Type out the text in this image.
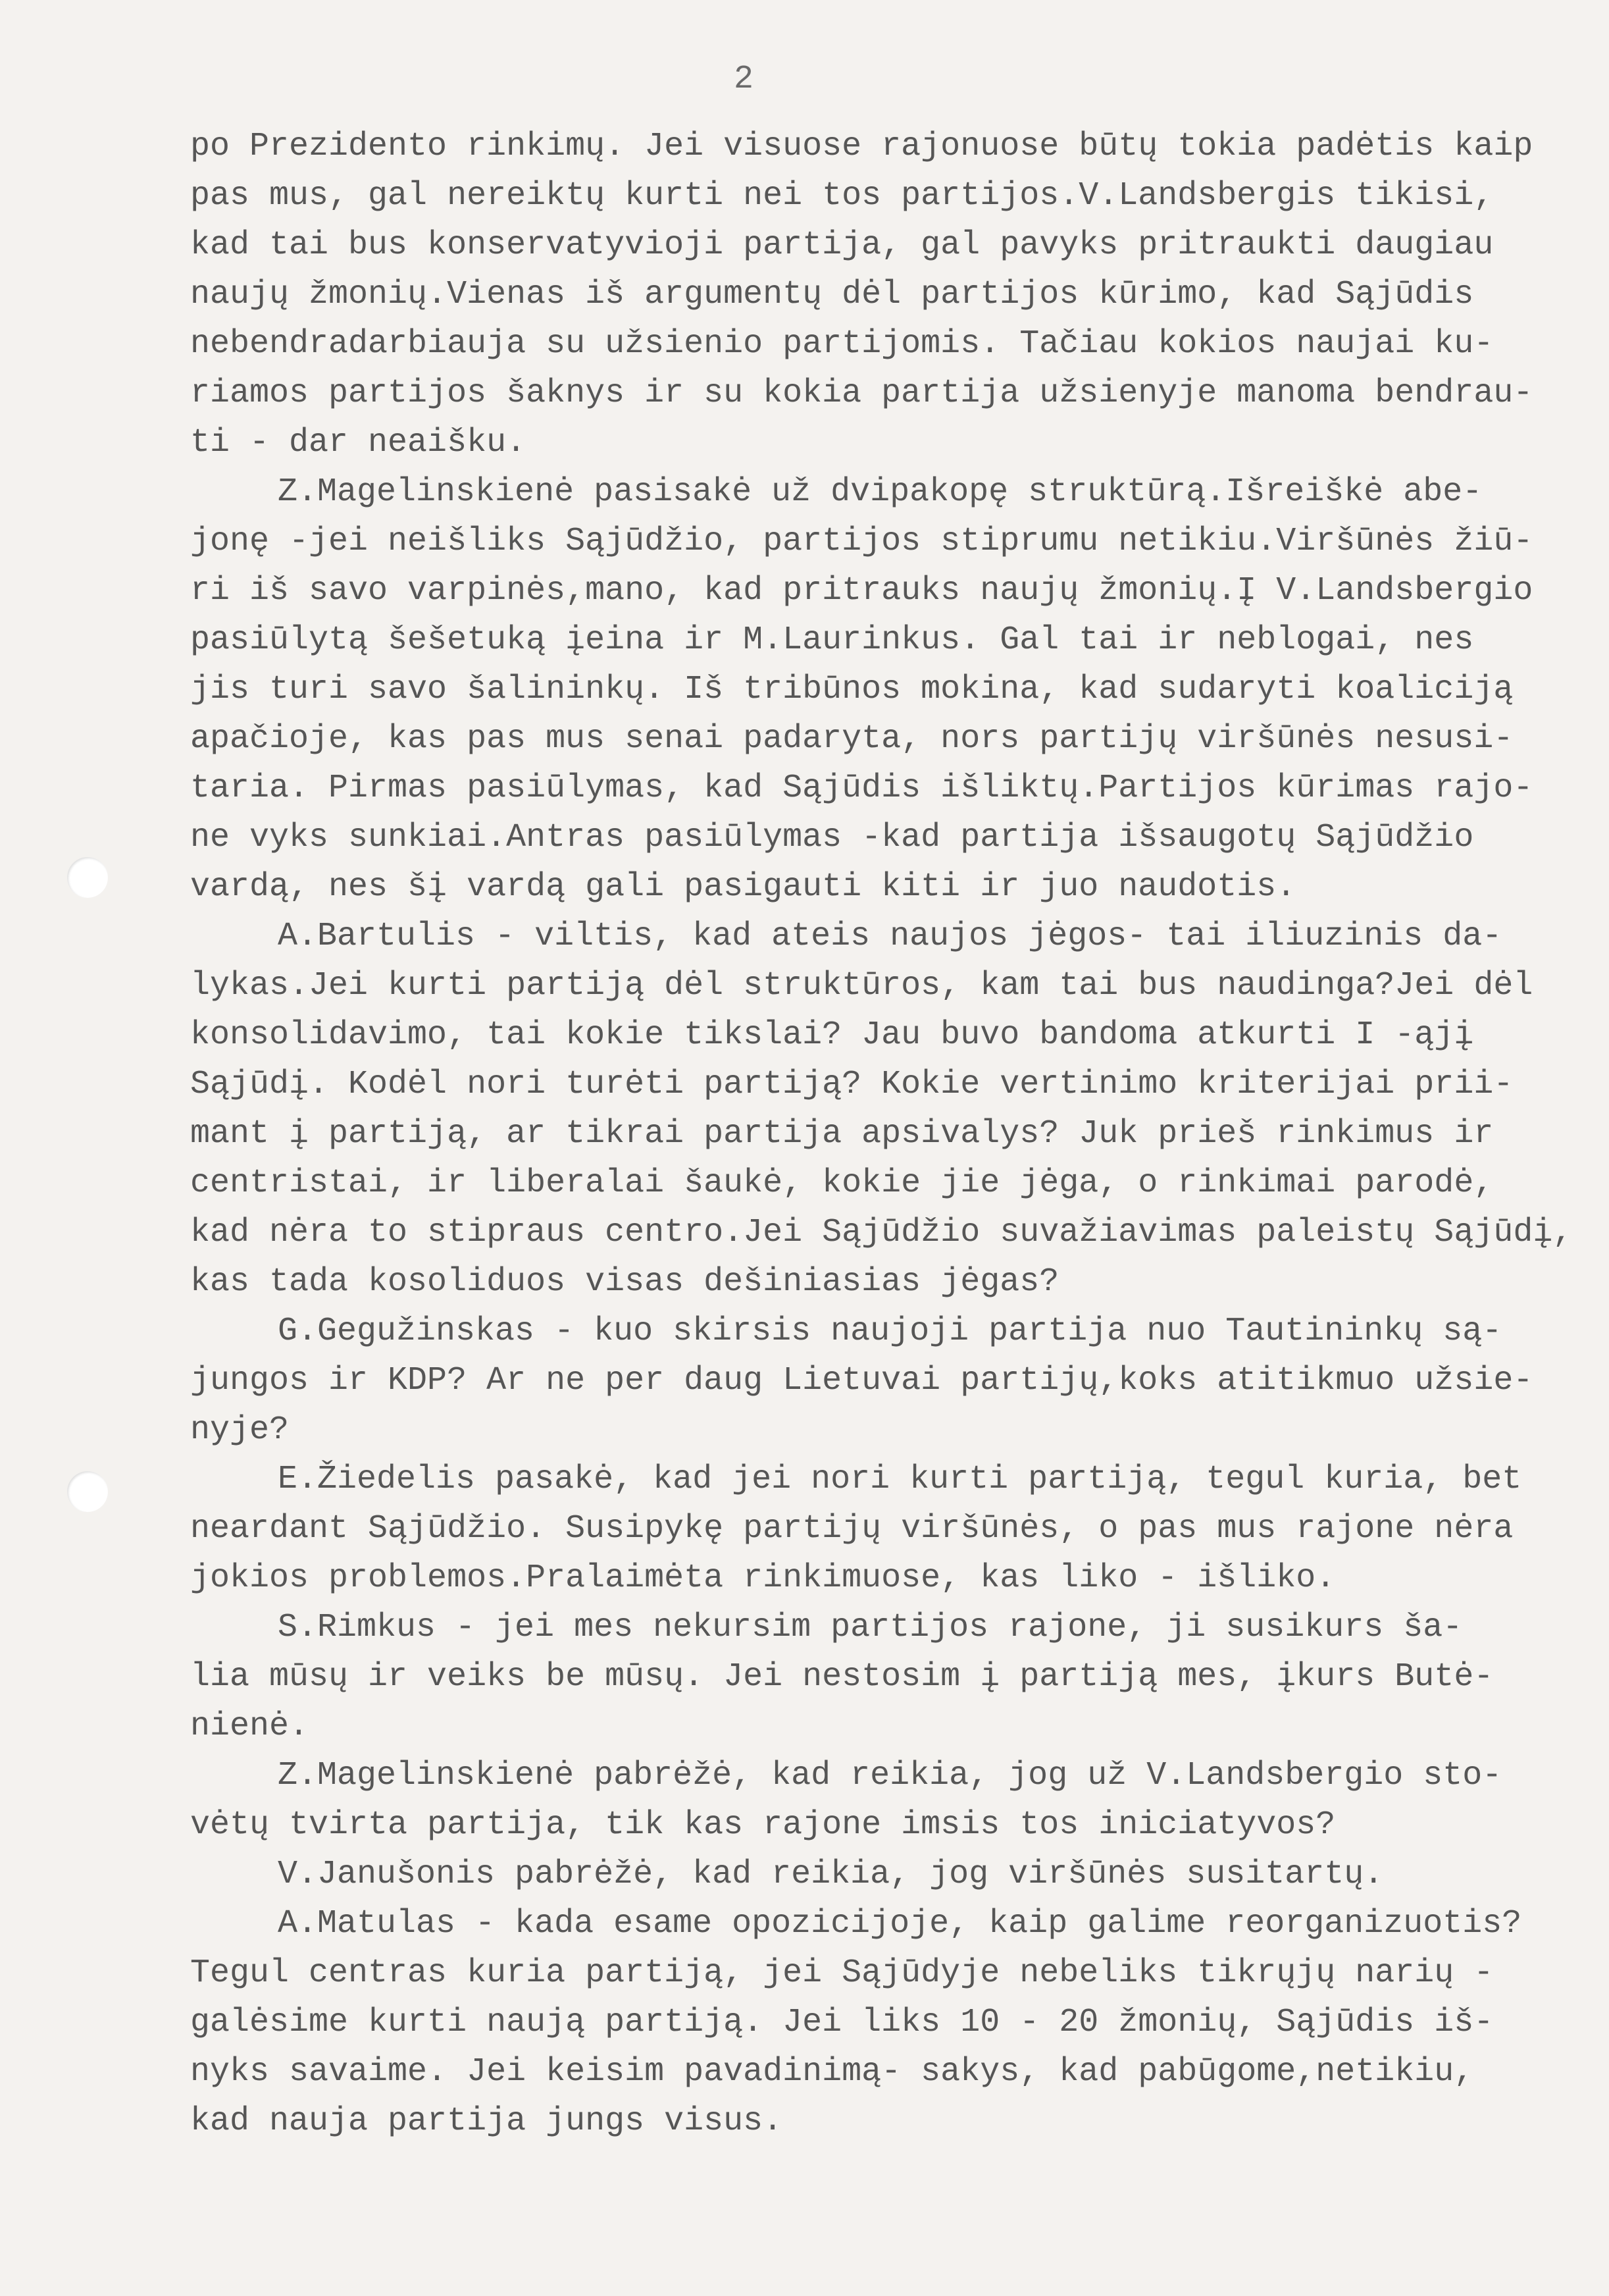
2
po Prezidento rinkimų. Jei visuose rajonuose būtų tokia padėtis kaip
pas mus, gal nereiktų kurti nei tos partijos.V.Landsbergis tikisi,
kad tai bus konservatyvioji partija, gal pavyks pritraukti daugiau
naujų žmonių.Vienas iš argumentų dėl partijos kūrimo, kad Sąjūdis
nebendradarbiauja su užsienio partijomis. Tačiau kokios naujai ku-
riamos partijos šaknys ir su kokia partija užsienyje manoma bendrau-
ti - dar neaišku.
Z.Magelinskienė pasisakė už dvipakopę struktūrą.Išreiškė abe-
jonę -jei neišliks Sąjūdžio, partijos stiprumu netikiu.Viršūnės žiū-
ri iš savo varpinės,mano, kad pritrauks naujų žmonių.Į V.Landsbergio
pasiūlytą šešetuką įeina ir M.Laurinkus. Gal tai ir neblogai, nes
jis turi savo šalininkų. Iš tribūnos mokina, kad sudaryti koaliciją
apačioje, kas pas mus senai padaryta, nors partijų viršūnės nesusi-
taria. Pirmas pasiūlymas, kad Sąjūdis išliktų.Partijos kūrimas rajo-
ne vyks sunkiai.Antras pasiūlymas -kad partija išsaugotų Sąjūdžio
vardą, nes šį vardą gali pasigauti kiti ir juo naudotis.
A.Bartulis - viltis, kad ateis naujos jėgos- tai iliuzinis da-
lykas.Jei kurti partiją dėl struktūros, kam tai bus naudinga?Jei dėl
konsolidavimo, tai kokie tikslai? Jau buvo bandoma atkurti I -ąjį
Sąjūdį. Kodėl nori turėti partiją? Kokie vertinimo kriterijai prii-
mant į partiją, ar tikrai partija apsivalys? Juk prieš rinkimus ir
centristai, ir liberalai šaukė, kokie jie jėga, o rinkimai parodė,
kad nėra to stipraus centro.Jei Sąjūdžio suvažiavimas paleistų Sąjūdį,
kas tada kosoliduos visas dešiniasias jėgas?
G.Gegužinskas - kuo skirsis naujoji partija nuo Tautininkų są-
jungos ir KDP? Ar ne per daug Lietuvai partijų,koks atitikmuo užsie-
nyje?
E.Žiedelis pasakė, kad jei nori kurti partiją, tegul kuria, bet
neardant Sąjūdžio. Susipykę partijų viršūnės, o pas mus rajone nėra
jokios problemos.Pralaimėta rinkimuose, kas liko - išliko.
S.Rimkus - jei mes nekursim partijos rajone, ji susikurs ša-
lia mūsų ir veiks be mūsų. Jei nestosim į partiją mes, įkurs Butė-
nienė.
Z.Magelinskienė pabrėžė, kad reikia, jog už V.Landsbergio sto-
vėtų tvirta partija, tik kas rajone imsis tos iniciatyvos?
V.Janušonis pabrėžė, kad reikia, jog viršūnės susitartų.
A.Matulas - kada esame opozicijoje, kaip galime reorganizuotis?
Tegul centras kuria partiją, jei Sąjūdyje nebeliks tikrųjų narių -
galėsime kurti naują partiją. Jei liks 10 - 20 žmonių, Sąjūdis iš-
nyks savaime. Jei keisim pavadinimą- sakys, kad pabūgome,netikiu,
kad nauja partija jungs visus.
